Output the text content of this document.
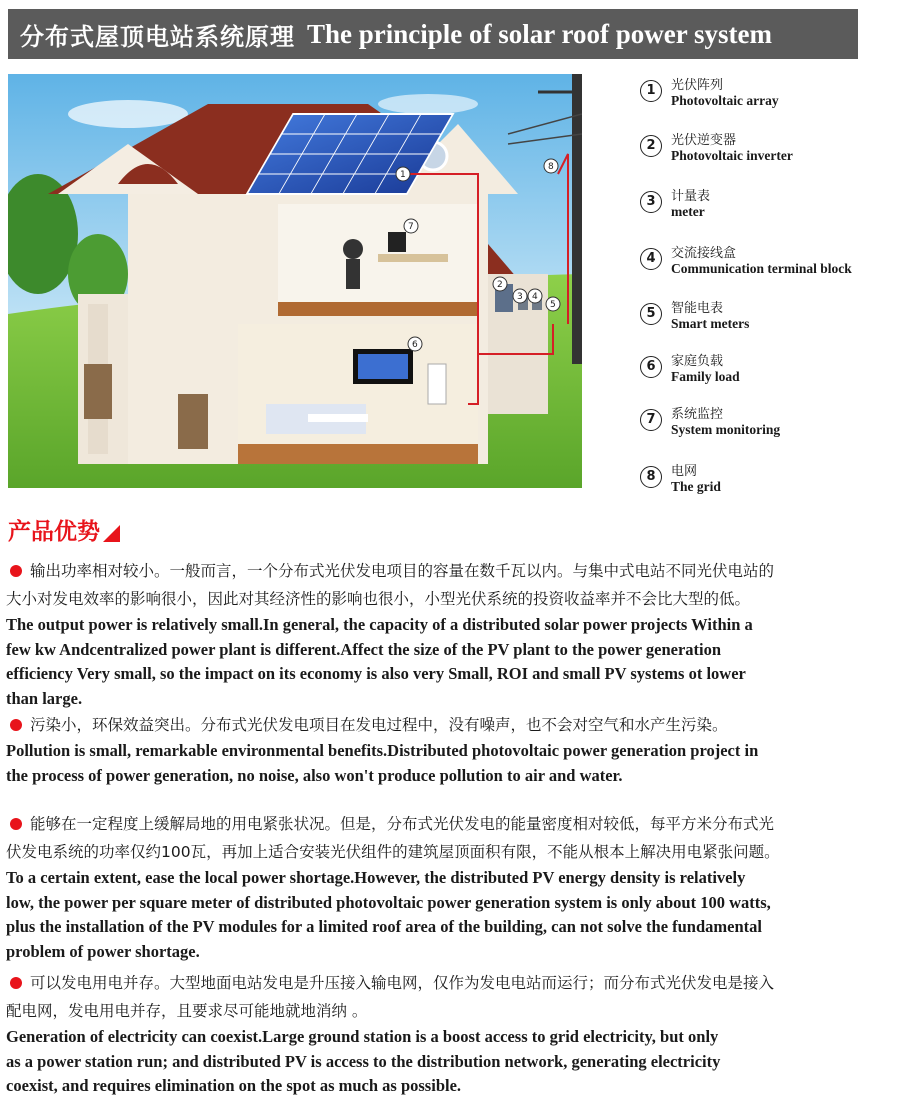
分布式屋顶电站系统原理 The principle of solar roof power system
1
2
3 4
5
6
7
8
1	光伏阵列
Photovoltaic array
2	光伏逆变器
Photovoltaic inverter
3	计量表
meter
4	交流接线盒
Communication terminal block
5	智能电表
Smart meters
6	家庭负载
Family load
7	系统监控
System monitoring
8	电网
The grid
产品优势
输出功率相对较小。一般而言，一个分布式光伏发电项目的容量在数千瓦以内。与集中式电站不同光伏电站的
大小对发电效率的影响很小，因此对其经济性的影响也很小，小型光伏系统的投资收益率并不会比大型的低。
The output power is relatively small.In general, the capacity of a distributed solar power projects Within a
few kw Andcentralized power plant is different.Affect the size of the PV plant to the power generation
efficiency Very small, so the impact on its economy is also very Small, ROI and small PV systems ot lower
than large.
污染小，环保效益突出。分布式光伏发电项目在发电过程中，没有噪声，也不会对空气和水产生污染。
Pollution is small, remarkable environmental benefits.Distributed photovoltaic power generation project in
the process of power generation, no noise, also won't produce pollution to air and water.
能够在一定程度上缓解局地的用电紧张状况。但是，分布式光伏发电的能量密度相对较低，每平方米分布式光
伏发电系统的功率仅约100瓦，再加上适合安装光伏组件的建筑屋顶面积有限，不能从根本上解决用电紧张问题。
To a certain extent, ease the local power shortage.However, the distributed PV energy density is relatively
low, the power per square meter of distributed photovoltaic power generation system is only about 100 watts,
plus the installation of the PV modules for a limited roof area of the building, can not solve the fundamental
problem of power shortage.
可以发电用电并存。大型地面电站发电是升压接入输电网，仅作为发电电站而运行；而分布式光伏发电是接入
配电网，发电用电并存，且要求尽可能地就地消纳 。
Generation of electricity can coexist.Large ground station is a boost access to grid electricity, but only
as a power station run; and distributed PV is access to the distribution network, generating electricity
coexist, and requires elimination on the spot as much as possible.
